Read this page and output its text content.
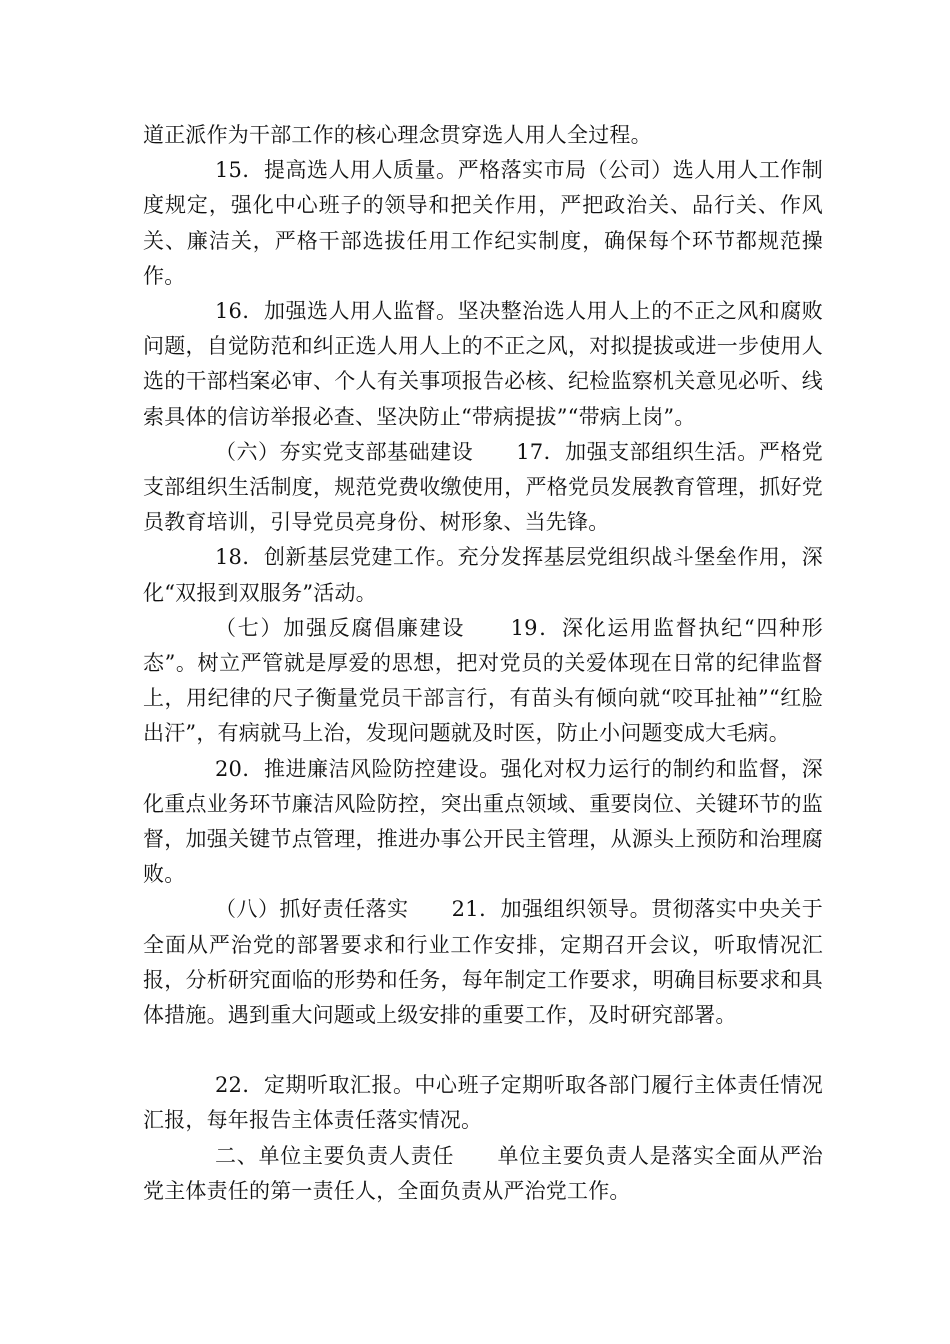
道正派作为干部工作的核心理念贯穿选人用人全过程。

15．提高选人用人质量。严格落实市局（公司）选人用人工作制度规定，强化中心班子的领导和把关作用，严把政治关、品行关、作风关、廉洁关，严格干部选拔任用工作纪实制度，确保每个环节都规范操作。

16．加强选人用人监督。坚决整治选人用人上的不正之风和腐败问题，自觉防范和纠正选人用人上的不正之风，对拟提拔或进一步使用人选的干部档案必审、个人有关事项报告必核、纪检监察机关意见必听、线索具体的信访举报必查、坚决防止“带病提拔”“带病上岗”。

（六）夯实党支部基础建设　　17．加强支部组织生活。严格党支部组织生活制度，规范党费收缴使用，严格党员发展教育管理，抓好党员教育培训，引导党员亮身份、树形象、当先锋。

18．创新基层党建工作。充分发挥基层党组织战斗堡垒作用，深化“双报到双服务”活动。

（七）加强反腐倡廉建设　　19．深化运用监督执纪“四种形态”。树立严管就是厚爱的思想，把对党员的关爱体现在日常的纪律监督上，用纪律的尺子衡量党员干部言行，有苗头有倾向就“咬耳扯袖”“红脸出汗”，有病就马上治，发现问题就及时医，防止小问题变成大毛病。

20．推进廉洁风险防控建设。强化对权力运行的制约和监督，深化重点业务环节廉洁风险防控，突出重点领域、重要岗位、关键环节的监督，加强关键节点管理，推进办事公开民主管理，从源头上预防和治理腐败。

（八）抓好责任落实　　21．加强组织领导。贯彻落实中央关于全面从严治党的部署要求和行业工作安排，定期召开会议，听取情况汇报，分析研究面临的形势和任务，每年制定工作要求，明确目标要求和具体措施。遇到重大问题或上级安排的重要工作，及时研究部署。

22．定期听取汇报。中心班子定期听取各部门履行主体责任情况汇报，每年报告主体责任落实情况。

二、单位主要负责人责任　　单位主要负责人是落实全面从严治党主体责任的第一责任人，全面负责从严治党工作。
